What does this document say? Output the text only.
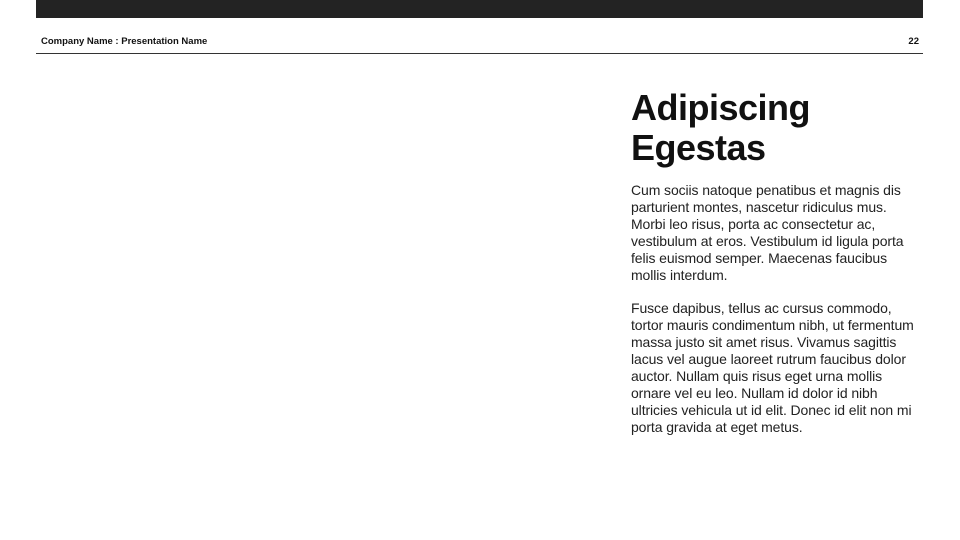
Company Name : Presentation Name	22
Adipiscing Egestas

Cum sociis natoque penatibus et magnis dis parturient montes, nascetur ridiculus mus. Morbi leo risus, porta ac consectetur ac, vestibulum at eros. Vestibulum id ligula porta felis euismod semper. Maecenas faucibus mollis interdum.

Fusce dapibus, tellus ac cursus commodo, tortor mauris condimentum nibh, ut fermentum massa justo sit amet risus. Vivamus sagittis lacus vel augue laoreet rutrum faucibus dolor auctor. Nullam quis risus eget urna mollis ornare vel eu leo. Nullam id dolor id nibh ultricies vehicula ut id elit. Donec id elit non mi porta gravida at eget metus.
